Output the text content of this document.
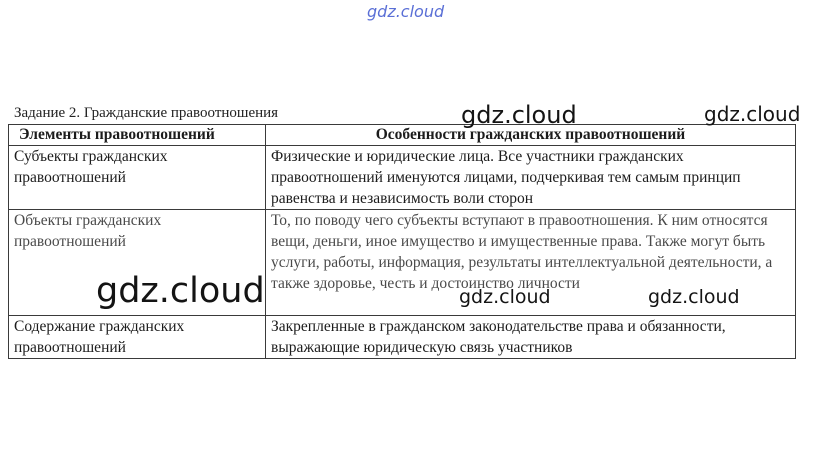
gdz.cloud
Задание 2. Гражданские правоотношения
Элементы правоотношений	Особенности гражданских правоотношений

Субъекты гражданских правоотношений	Физические и юридические лица. Все участники гражданских правоотношений именуются лицами, подчеркивая тем самым принцип равенства и независимость воли сторон

Объекты гражданских правоотношений	То, по поводу чего субъекты вступают в правоотношения. К ним относятся вещи, деньги, иное имущество и имущественные права. Также могут быть услуги, работы, информация, результаты интеллектуальной деятельности, а также здоровье, честь и достоинство личности

Содержание гражданских правоотношений	Закрепленные в гражданском законодательстве права и обязанности, выражающие юридическую связь участников
gdz.cloud	gdz.cloud
gdz.cloud	gdz.cloud	gdz.cloud
